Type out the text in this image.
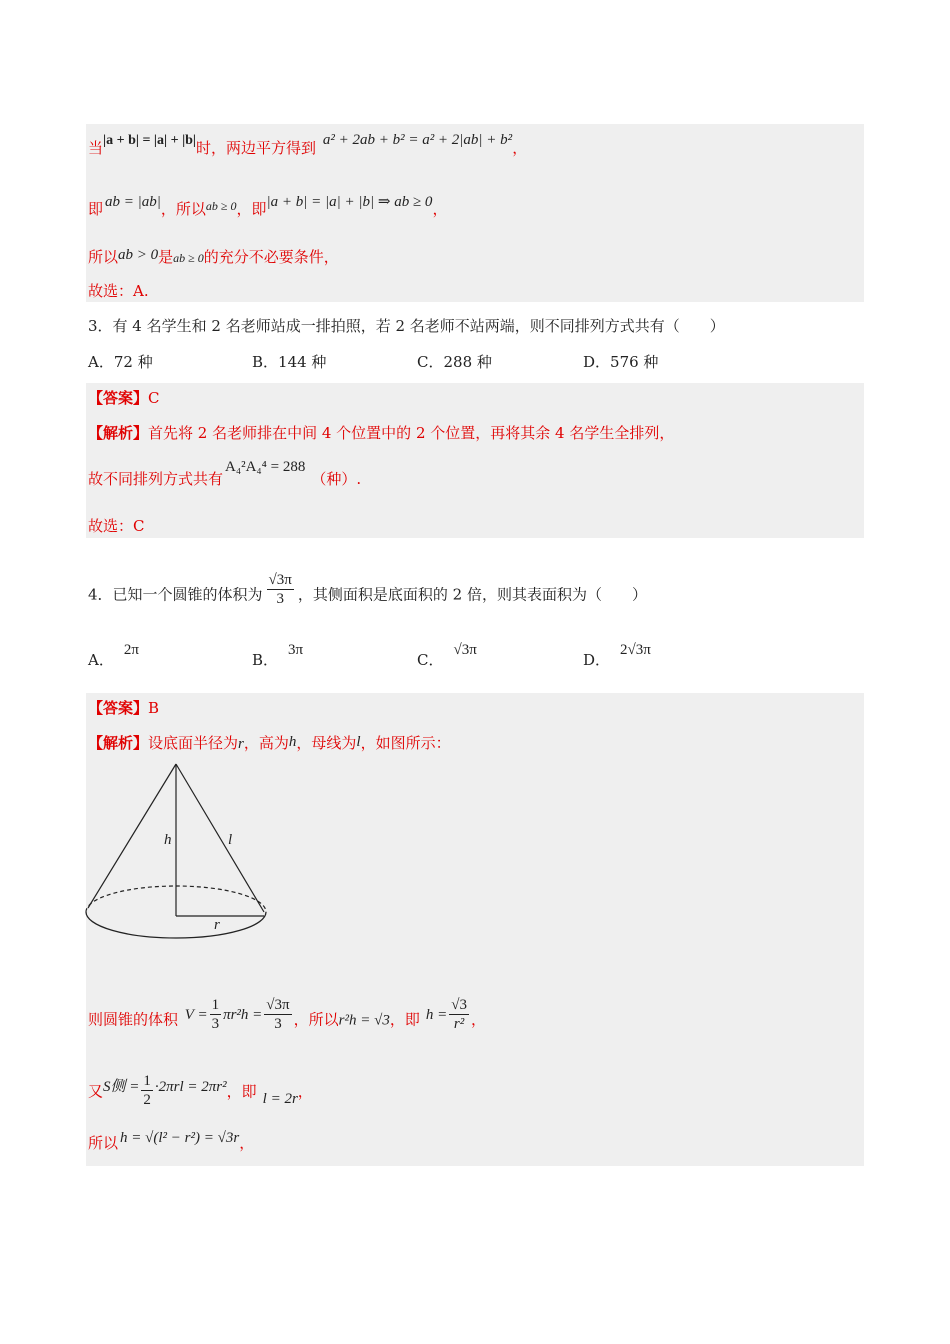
当|a + b| = |a| + |b|时，两边平方得到 a² + 2ab + b² = a² + 2|ab| + b²，
即 ab = |ab|，所以$^{ab \ge 0}$，即|a + b| = |a| + |b| ⇒ ab ≥ 0，
所以ab > 0是ab ≥ 0的充分不必要条件，
故选：A.
3．有 4 名学生和 2 名老师站成一排拍照，若 2 名老师不站两端，则不同排列方式共有（　　）
A．72 种	B．144 种	C．288 种	D．576 种
【答案】C
【解析】首先将 2 名老师排在中间 4 个位置中的 2 个位置，再将其余 4 名学生全排列，
故不同排列方式共有A₄²A₄⁴ = 288（种）.
故选：C
4．已知一个圆锥的体积为 $\frac{√3\pi}{3}$ ，其侧面积是底面积的 2 倍，则其表面积为（　　）
A．2π
B．3π
C．√3π
D．2√3π
【答案】B
【解析】设底面半径为r，高为h，母线为l，如图所示：
h	l
r
则圆锥的体积 $V = \frac{1}{3} \pi r^2h = \frac{√3\pi}{3}$ ，所以r²h = √3，即 $h = \frac{√3}{\text{r²}}$ ，
又S侧 = $\frac{1}{2} \cdot 2\pi rl = 2\pi r^2$，即 l = 2r，
所以 h = √(l² − r²) = √3r，
